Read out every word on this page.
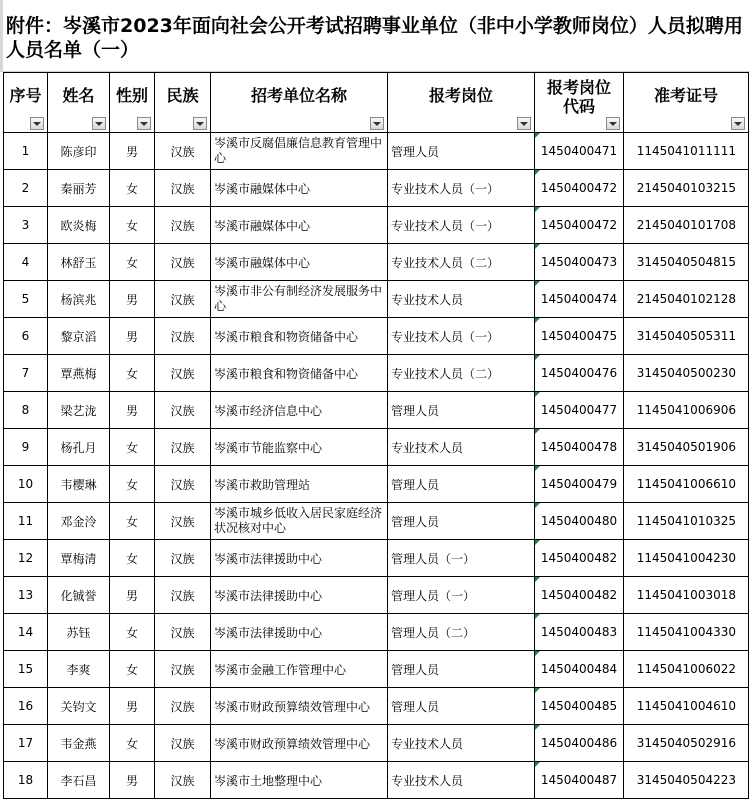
附件：岑溪市2023年面向社会公开考试招聘事业单位（非中小学教师岗位）人员拟聘用人员名单（一）
序号	姓名	性别	民族	招考单位名称	报考岗位	报考岗位代码	准考证号

1	陈彦印	男	汉族	岑溪市反腐倡廉信息教育管理中心	管理人员	1450400471	1145041011111
2	秦丽芳	女	汉族	岑溪市融媒体中心	专业技术人员（一）	1450400472	2145040103215
3	欧炎梅	女	汉族	岑溪市融媒体中心	专业技术人员（一）	1450400472	2145040101708
4	林舒玉	女	汉族	岑溪市融媒体中心	专业技术人员（二）	1450400473	3145040504815
5	杨滨兆	男	汉族	岑溪市非公有制经济发展服务中心	专业技术人员	1450400474	2145040102128
6	黎京滔	男	汉族	岑溪市粮食和物资储备中心	专业技术人员（一）	1450400475	3145040505311
7	覃燕梅	女	汉族	岑溪市粮食和物资储备中心	专业技术人员（二）	1450400476	3145040500230
8	梁艺泷	男	汉族	岑溪市经济信息中心	管理人员	1450400477	1145041006906
9	杨孔月	女	汉族	岑溪市节能监察中心	专业技术人员	1450400478	3145040501906
10	韦樱琳	女	汉族	岑溪市救助管理站	管理人员	1450400479	1145041006610
11	邓金泠	女	汉族	岑溪市城乡低收入居民家庭经济状况核对中心	管理人员	1450400480	1145041010325
12	覃梅清	女	汉族	岑溪市法律援助中心	管理人员（一）	1450400482	1145041004230
13	化铖誉	男	汉族	岑溪市法律援助中心	管理人员（一）	1450400482	1145041003018
14	苏钰	女	汉族	岑溪市法律援助中心	管理人员（二）	1450400483	1145041004330
15	李爽	女	汉族	岑溪市金融工作管理中心	管理人员	1450400484	1145041006022
16	关钧文	男	汉族	岑溪市财政预算绩效管理中心	管理人员	1450400485	1145041004610
17	韦金燕	女	汉族	岑溪市财政预算绩效管理中心	专业技术人员	1450400486	3145040502916
18	李石昌	男	汉族	岑溪市土地整理中心	专业技术人员	1450400487	3145040504223
